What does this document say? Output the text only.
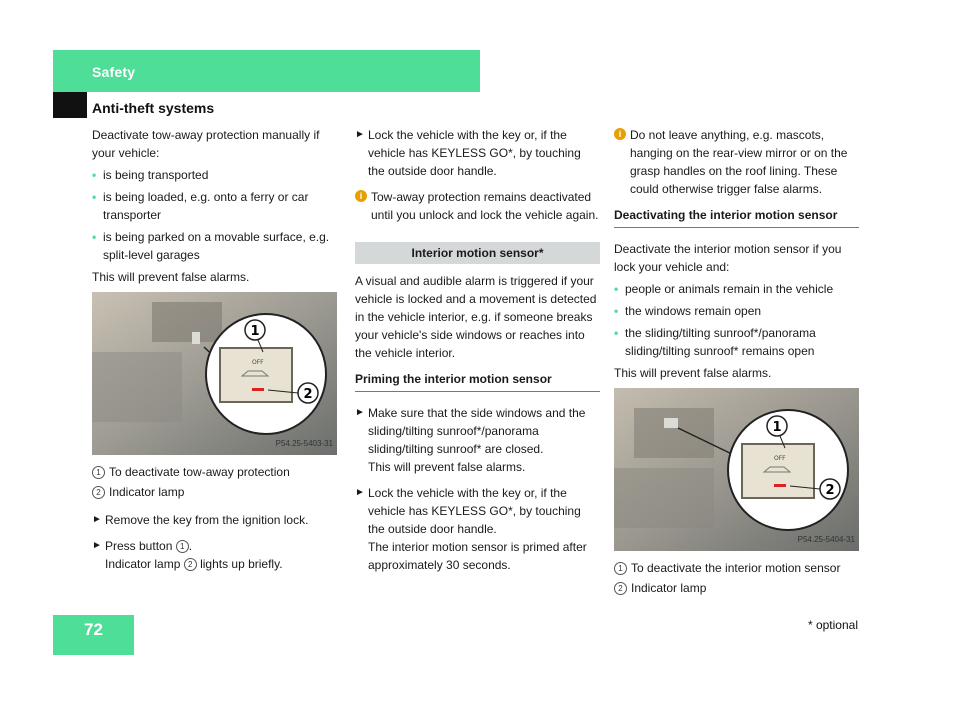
Safety
Anti-theft systems

Deactivate tow-away protection manually if your vehicle:

• is being transported
• is being loaded, e.g. onto a ferry or car transporter
• is being parked on a movable surface, e.g. split-level garages

This will prevent false alarms.

OFF
1
2
P54.25-5403-31
1 To deactivate tow-away protection
2 Indicator lamp
► Remove the key from the ignition lock.
► Press button 1 .
Indicator lamp 2 lights up briefly.
► Lock the vehicle with the key or, if the vehicle has KEYLESS GO*, by touching the outside door handle.
i Tow-away protection remains deactivated until you unlock and lock the vehicle again.
Interior motion sensor*

A visual and audible alarm is triggered if your vehicle is locked and a movement is detected in the vehicle interior, e.g. if someone breaks your vehicle's side windows or reaches into the vehicle interior.

Priming the interior motion sensor
► Make sure that the side windows and the sliding/tilting sunroof*/panorama sliding/tilting sunroof* are closed.
This will prevent false alarms.
► Lock the vehicle with the key or, if the vehicle has KEYLESS GO*, by touching the outside door handle.
The interior motion sensor is primed after approximately 30 seconds.
i Do not leave anything, e.g. mascots, hanging on the rear-view mirror or on the grasp handles on the roof lining. These could otherwise trigger false alarms.
Deactivating the interior motion sensor

Deactivate the interior motion sensor if you lock your vehicle and:

• people or animals remain in the vehicle
• the windows remain open
• the sliding/tilting sunroof*/panorama sliding/tilting sunroof* remains open

This will prevent false alarms.

OFF
1
2
P54.25-5404-31
1 To deactivate the interior motion sensor
2 Indicator lamp
72	* optional
